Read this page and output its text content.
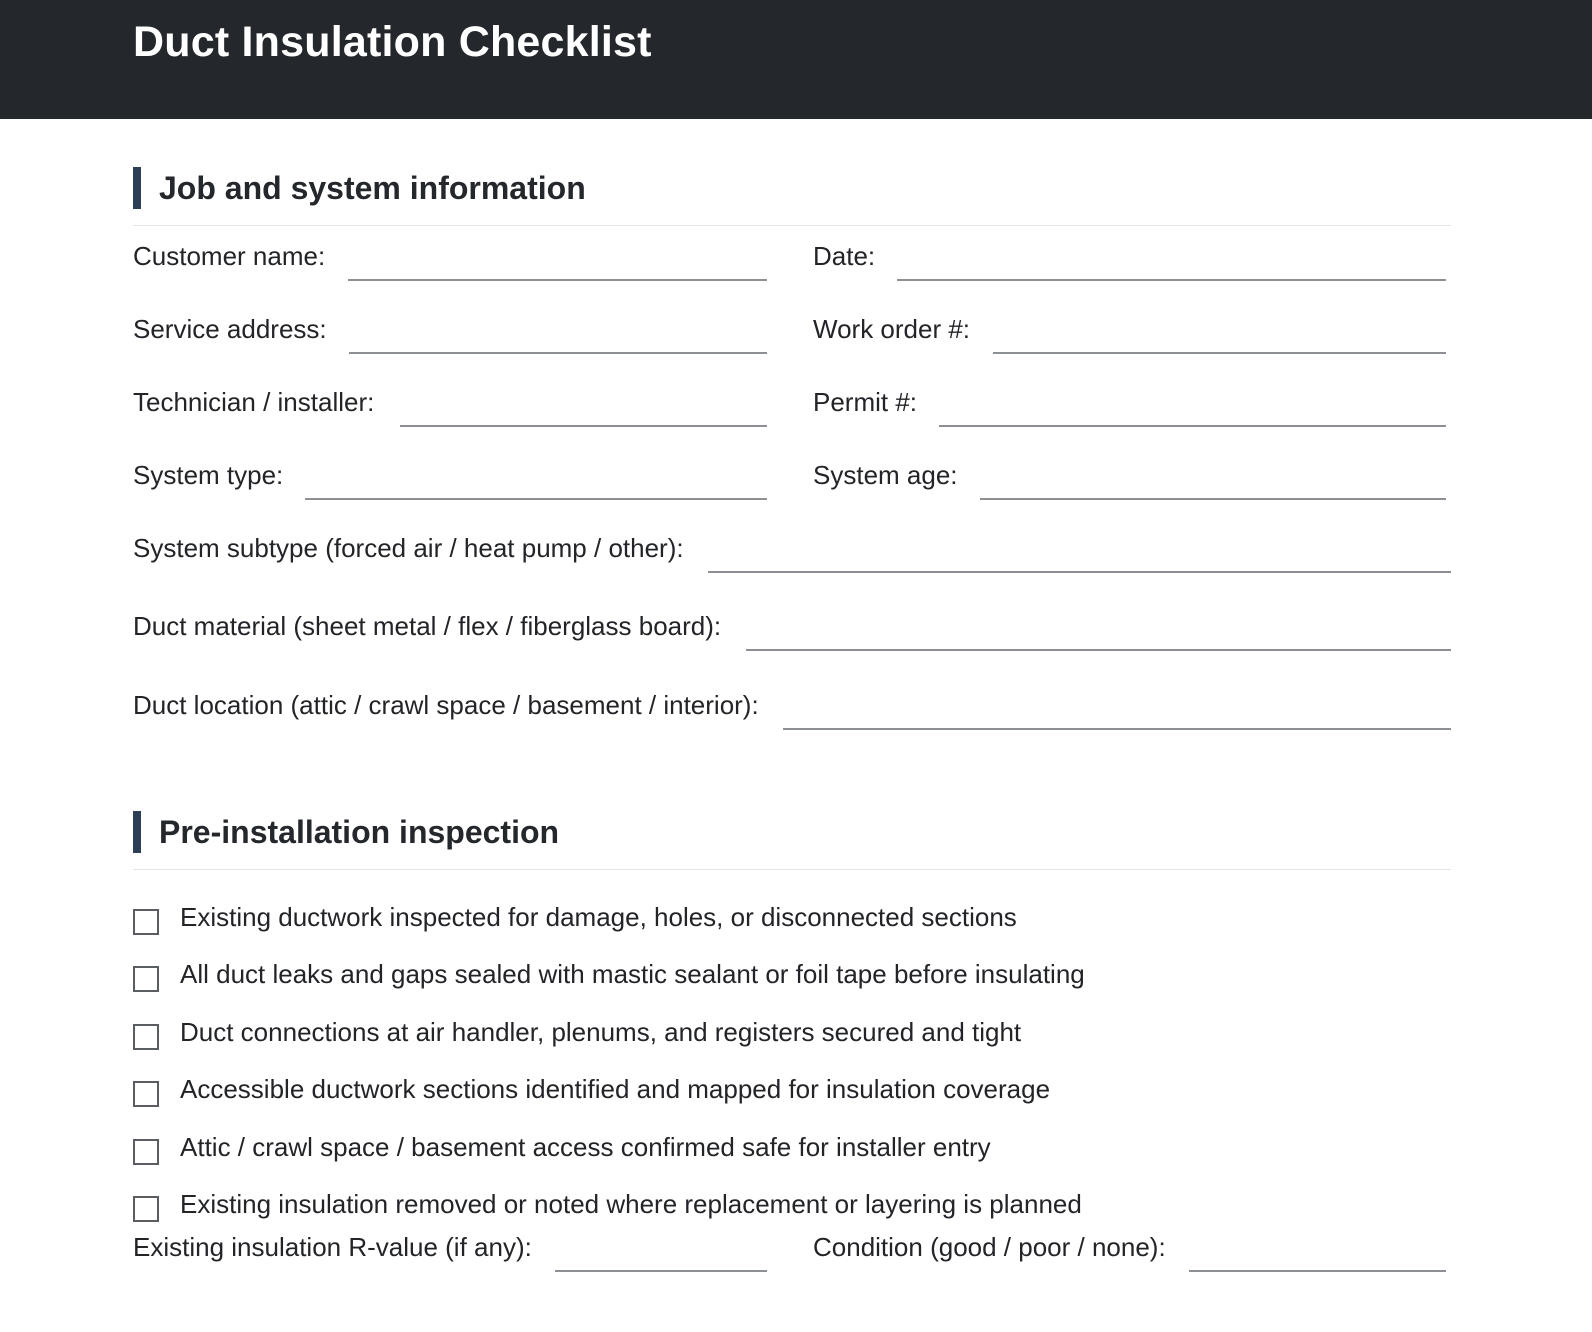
Duct Insulation Checklist
Job and system information
Customer name:	Date:
Service address:	Work order #:
Technician / installer:	Permit #:
System type:	System age:
System subtype (forced air / heat pump / other):
Duct material (sheet metal / flex / fiberglass board):
Duct location (attic / crawl space / basement / interior):
Pre-installation inspection
Existing ductwork inspected for damage, holes, or disconnected sections
All duct leaks and gaps sealed with mastic sealant or foil tape before insulating
Duct connections at air handler, plenums, and registers secured and tight
Accessible ductwork sections identified and mapped for insulation coverage
Attic / crawl space / basement access confirmed safe for installer entry
Existing insulation removed or noted where replacement or layering is planned
Existing insulation R-value (if any):	Condition (good / poor / none):
